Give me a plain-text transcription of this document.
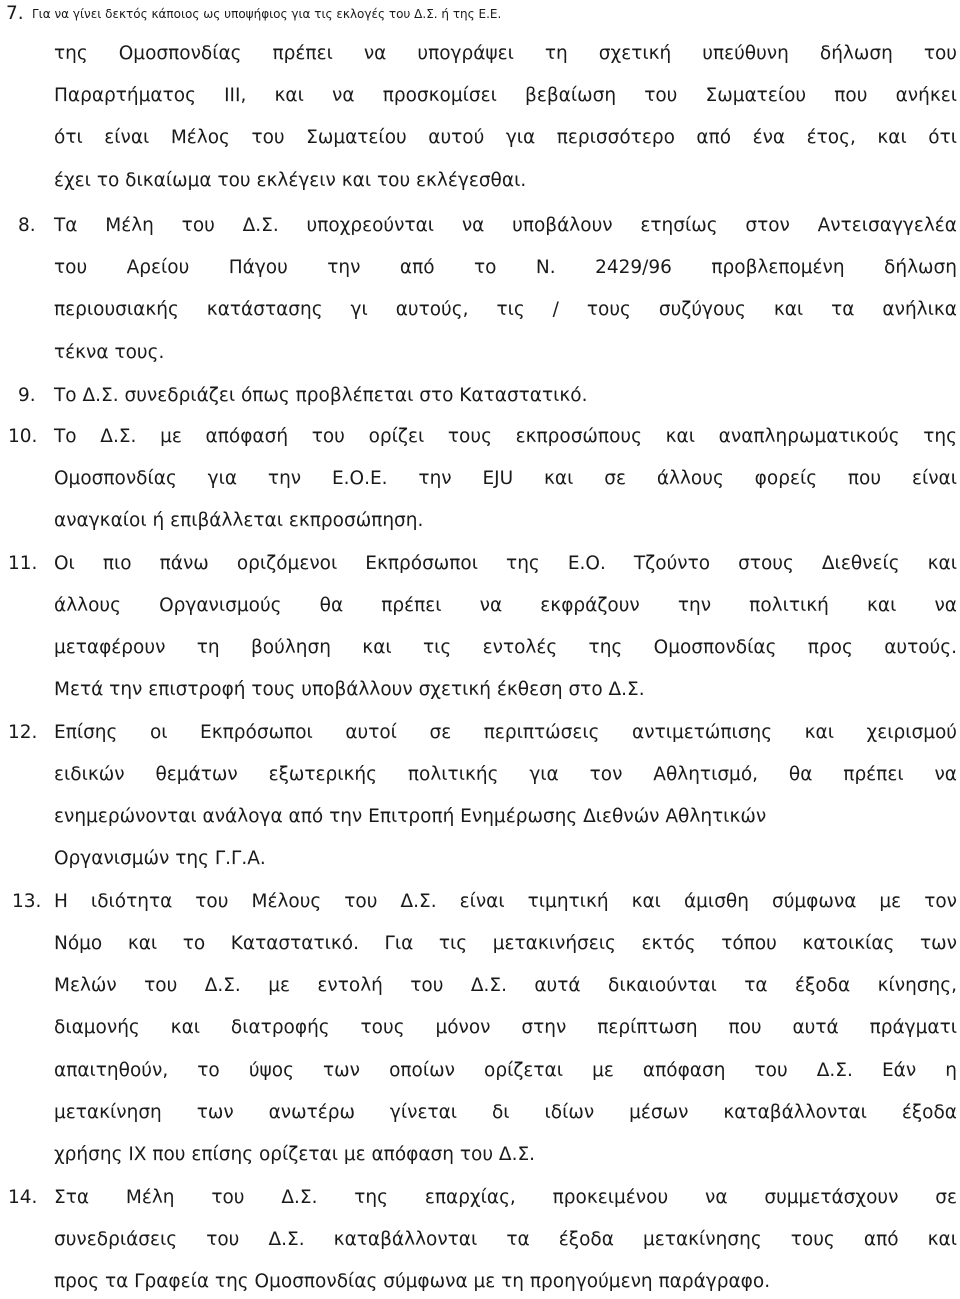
7. Για να γίνει δεκτός κάποιος ως υποψήφιος για τις εκλογές του Δ.Σ. ή της Ε.Ε.
της Ομοσπονδίας πρέπει να υπογράψει τη σχετική υπεύθυνη δήλωση του
Παραρτήματος ΙΙΙ, και να προσκομίσει βεβαίωση του Σωματείου που ανήκει
ότι είναι Μέλος του Σωματείου αυτού για περισσότερο από ένα έτος, και ότι
έχει το δικαίωμα του εκλέγειν και του εκλέγεσθαι.
8. Τα Μέλη του Δ.Σ. υποχρεούνται να υποβάλουν ετησίως στον Αντεισαγγελέα
του Αρείου Πάγου την από το Ν. 2429/96 προβλεπομένη δήλωση
περιουσιακής κατάστασης γι αυτούς, τις / τους συζύγους και τα ανήλικα
τέκνα τους.
9. Το Δ.Σ. συνεδριάζει όπως προβλέπεται στο Καταστατικό.
10. Το Δ.Σ. με απόφασή του ορίζει τους εκπροσώπους και αναπληρωματικούς της
Ομοσπονδίας για την Ε.Ο.Ε. την EJU και σε άλλους φορείς που είναι
αναγκαίοι ή επιβάλλεται εκπροσώπηση.
11. Οι πιο πάνω οριζόμενοι Εκπρόσωποι της Ε.Ο. Τζούντο στους Διεθνείς και
άλλους Οργανισμούς θα πρέπει να εκφράζουν την πολιτική και να
μεταφέρουν τη βούληση και τις εντολές της Ομοσπονδίας προς αυτούς.
Μετά την επιστροφή τους υποβάλλουν σχετική έκθεση στο Δ.Σ.
12. Επίσης οι Εκπρόσωποι αυτοί σε περιπτώσεις αντιμετώπισης και χειρισμού
ειδικών θεμάτων εξωτερικής πολιτικής για τον Αθλητισμό, θα πρέπει να
ενημερώνονται ανάλογα από την Επιτροπή Ενημέρωσης Διεθνών Αθλητικών
Οργανισμών της Γ.Γ.Α.
13. Η ιδιότητα του Μέλους του Δ.Σ. είναι τιμητική και άμισθη σύμφωνα με τον
Νόμο και το Καταστατικό. Για τις μετακινήσεις εκτός τόπου κατοικίας των
Μελών του Δ.Σ. με εντολή του Δ.Σ. αυτά δικαιούνται τα έξοδα κίνησης,
διαμονής και διατροφής τους μόνον στην περίπτωση που αυτά πράγματι
απαιτηθούν, το ύψος των οποίων ορίζεται με απόφαση του Δ.Σ. Εάν η
μετακίνηση των ανωτέρω γίνεται δι ιδίων μέσων καταβάλλονται έξοδα
χρήσης ΙΧ που επίσης ορίζεται με απόφαση του Δ.Σ.
14. Στα Μέλη του Δ.Σ. της επαρχίας, προκειμένου να συμμετάσχουν σε
συνεδριάσεις του Δ.Σ. καταβάλλονται τα έξοδα μετακίνησης τους από και
προς τα Γραφεία της Ομοσπονδίας σύμφωνα με τη προηγούμενη παράγραφο.
